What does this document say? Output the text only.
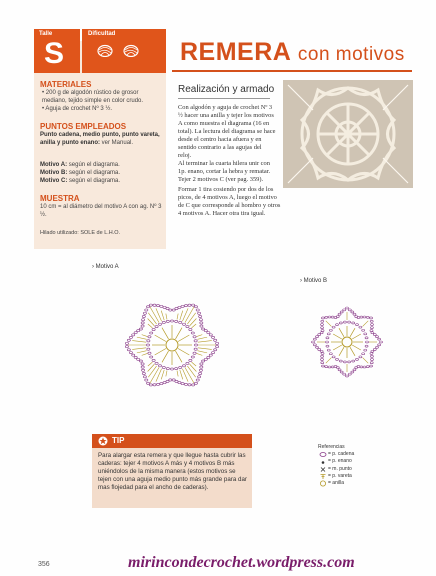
Talle
S
Dificultad
MATERIALES
• 200 g de algodón rústico de grosor mediano, tejido simple en color crudo.
• Aguja de crochet Nº 3 ½.
PUNTOS EMPLEADOS
Punto cadena, medio punto, punto vareta, anilla y punto enano: ver Manual.
Motivo A: según el diagrama.
Motivo B: según el diagrama.
Motivo C: según el diagrama.
MUESTRA
10 cm = al diámetro del motivo A con ag. Nº 3 ½.
Hilado utilizado: SOLE de L.H.O.
REMERA con motivos
Realización y armado
Con algodón y aguja de crochet Nº 3 ½ hacer una anilla y tejer los motivos A como muestra el diagrama (16 en total). La lectura del diagrama se hace desde el centro hacia afuera y en sentido contrario a las agujas del reloj.
Al terminar la cuarta hilera unir con 1p. enano, cortar la hebra y rematar. Tejer 2 motivos C (ver pag. 359).
Formar 1 tira cosiendo por dos de los picos, de 4 motivos A, luego el motivo de C que corresponde al hombro y otros 4 motivos A. Hacer otra tira igual.
› Motivo A
› Motivo B
TIP
Para alargar esta remera y que llegue hasta cubrir las caderas: tejer 4 motivos A más y 4 motivos B más uniéndolos de la misma manera (estos motivos se tejen con una aguja medio punto más grande para dar mas flojedad para el ancho de caderas).
Referencias
= p. cadena
= p. enano
= m. punto
= p. vareta
= anilla
356	mirincondecrochet.wordpress.com
